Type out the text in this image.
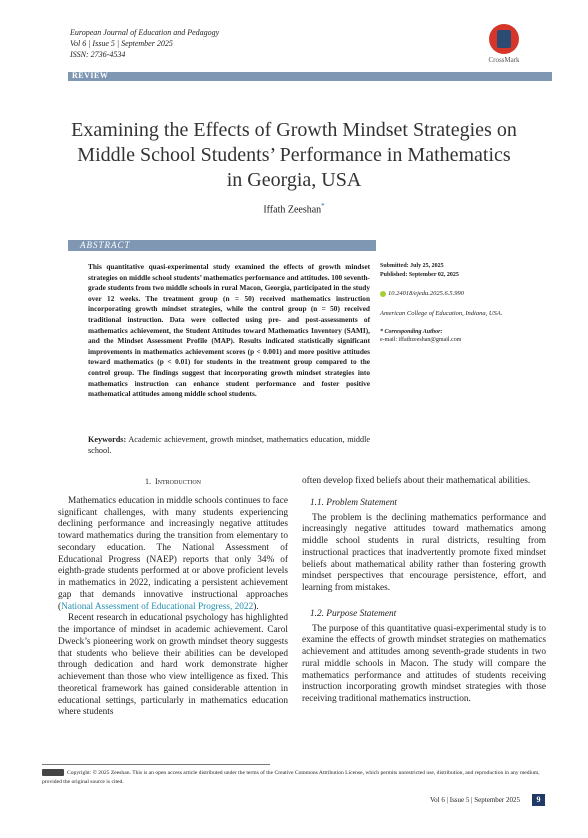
European Journal of Education and Pedagogy
Vol 6 | Issue 5 | September 2025
ISSN: 2736-4534
CrossMark
REVIEW
Examining the Effects of Growth Mindset Strategies on Middle School Students’ Performance in Mathematics in Georgia, USA
Iffath Zeeshan*
ABSTRACT
This quantitative quasi-experimental study examined the effects of growth mindset strategies on middle school students’ mathematics performance and attitudes. 100 seventh-grade students from two middle schools in rural Macon, Georgia, participated in the study over 12 weeks. The treatment group (n = 50) received mathematics instruction incorporating growth mindset strategies, while the control group (n = 50) received traditional instruction. Data were collected using pre- and post-assessments of mathematics achievement, the Student Attitudes toward Mathematics Inventory (SAMI), and the Mindset Assessment Profile (MAP). Results indicated statistically significant improvements in mathematics achievement scores (p < 0.001) and more positive attitudes toward mathematics (p < 0.01) for students in the treatment group compared to the control group. The findings suggest that incorporating growth mindset strategies into mathematics instruction can enhance student performance and foster positive mathematical attitudes among middle school students.
Keywords: Academic achievement, growth mindset, mathematics education, middle school.
Submitted: July 25, 2025
Published: September 02, 2025
10.24018/ejedu.2025.6.5.990
American College of Education, Indiana, USA.
* Corresponding Author:
e-mail: iffathzeeshan@gmail.com
1. Introduction

Mathematics education in middle schools continues to face significant challenges, with many students experiencing declining performance and increasingly negative attitudes toward mathematics during the transition from elementary to secondary education. The National Assessment of Educational Progress (NAEP) reports that only 34% of eighth-grade students performed at or above proficient levels in mathematics in 2022, indicating a persistent achievement gap that demands innovative instructional approaches (National Assessment of Educational Progress, 2022).

Recent research in educational psychology has highlighted the importance of mindset in academic achievement. Carol Dweck’s pioneering work on growth mindset theory suggests that students who believe their abilities can be developed through dedication and hard work demonstrate higher achievement than those who view intelligence as fixed. This theoretical framework has gained considerable attention in educational settings, particularly in mathematics education where students

often develop fixed beliefs about their mathematical abilities.

1.1. Problem Statement

The problem is the declining mathematics performance and increasingly negative attitudes toward mathematics among middle school students in rural districts, resulting from instructional practices that inadvertently promote fixed mindset beliefs about mathematical ability rather than fostering growth mindset perspectives that encourage persistence, effort, and learning from mistakes.

1.2. Purpose Statement

The purpose of this quantitative quasi-experimental study is to examine the effects of growth mindset strategies on mathematics achievement and attitudes among seventh-grade students in two rural middle schools in Macon. The study will compare the mathematics performance and attitudes of students receiving instruction incorporating growth mindset strategies with those receiving traditional mathematics instruction.

Copyright: © 2025 Zeeshan. This is an open access article distributed under the terms of the Creative Commons Attribution License, which permits unrestricted use, distribution, and reproduction in any medium, provided the original source is cited.
Vol 6 | Issue 5 | September 2025	9
